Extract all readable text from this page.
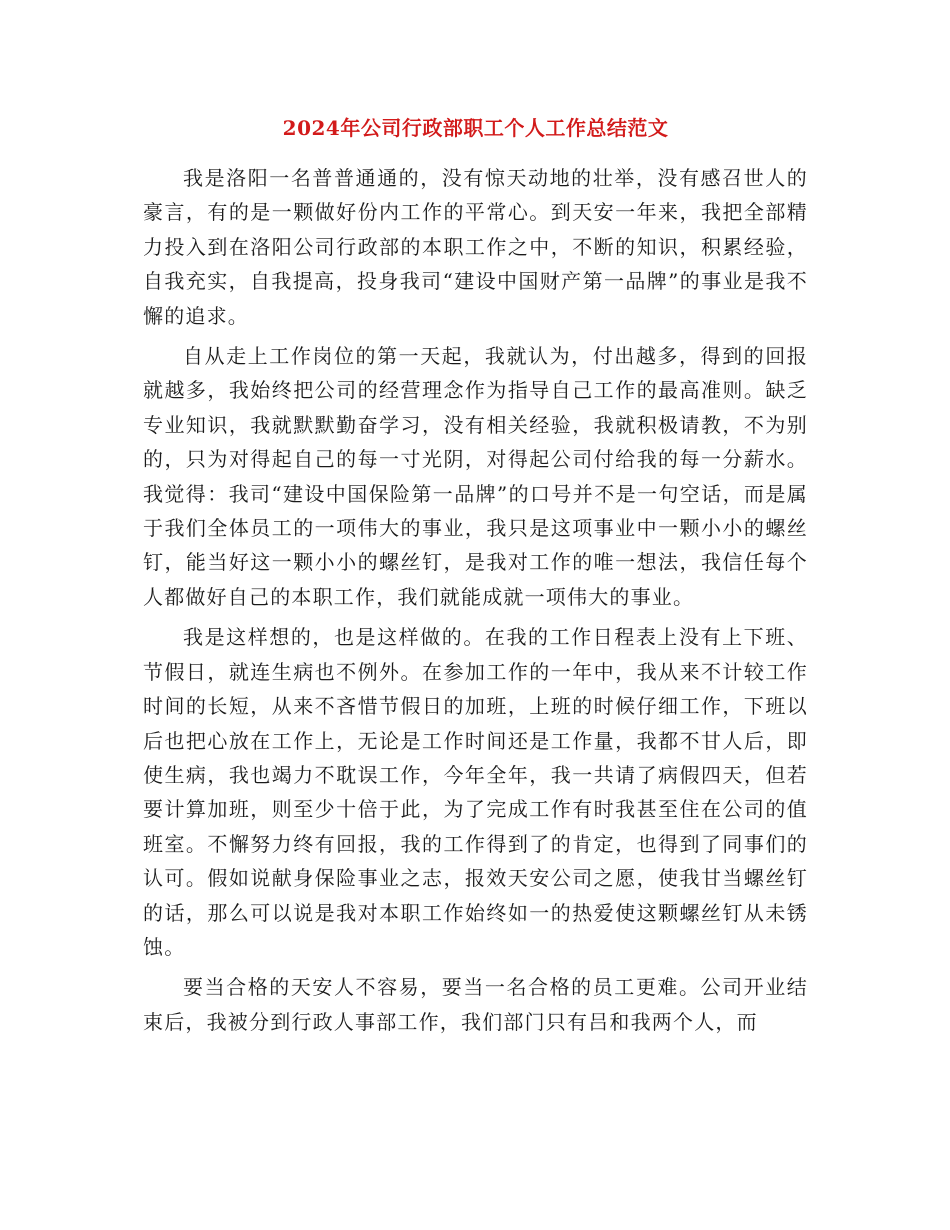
2024年公司行政部职工个人工作总结范文

我是洛阳一名普普通通的，没有惊天动地的壮举，没有感召世人的豪言，有的是一颗做好份内工作的平常心。到天安一年来，我把全部精力投入到在洛阳公司行政部的本职工作之中，不断的知识，积累经验，自我充实，自我提高，投身我司“建设中国财产第一品牌”的事业是我不懈的追求。

自从走上工作岗位的第一天起，我就认为，付出越多，得到的回报就越多，我始终把公司的经营理念作为指导自己工作的最高准则。缺乏专业知识，我就默默勤奋学习，没有相关经验，我就积极请教，不为别的，只为对得起自己的每一寸光阴，对得起公司付给我的每一分薪水。我觉得：我司“建设中国保险第一品牌”的口号并不是一句空话，而是属于我们全体员工的一项伟大的事业，我只是这项事业中一颗小小的螺丝钉，能当好这一颗小小的螺丝钉，是我对工作的唯一想法，我信任每个人都做好自己的本职工作，我们就能成就一项伟大的事业。

我是这样想的，也是这样做的。在我的工作日程表上没有上下班、节假日，就连生病也不例外。在参加工作的一年中，我从来不计较工作时间的长短，从来不吝惜节假日的加班，上班的时候仔细工作，下班以后也把心放在工作上，无论是工作时间还是工作量，我都不甘人后，即使生病，我也竭力不耽误工作，今年全年，我一共请了病假四天，但若要计算加班，则至少十倍于此，为了完成工作有时我甚至住在公司的值班室。不懈努力终有回报，我的工作得到了的肯定，也得到了同事们的认可。假如说献身保险事业之志，报效天安公司之愿，使我甘当螺丝钉的话，那么可以说是我对本职工作始终如一的热爱使这颗螺丝钉从未锈蚀。

要当合格的天安人不容易，要当一名合格的员工更难。公司开业结束后，我被分到行政人事部工作，我们部门只有吕和我两个人，而
